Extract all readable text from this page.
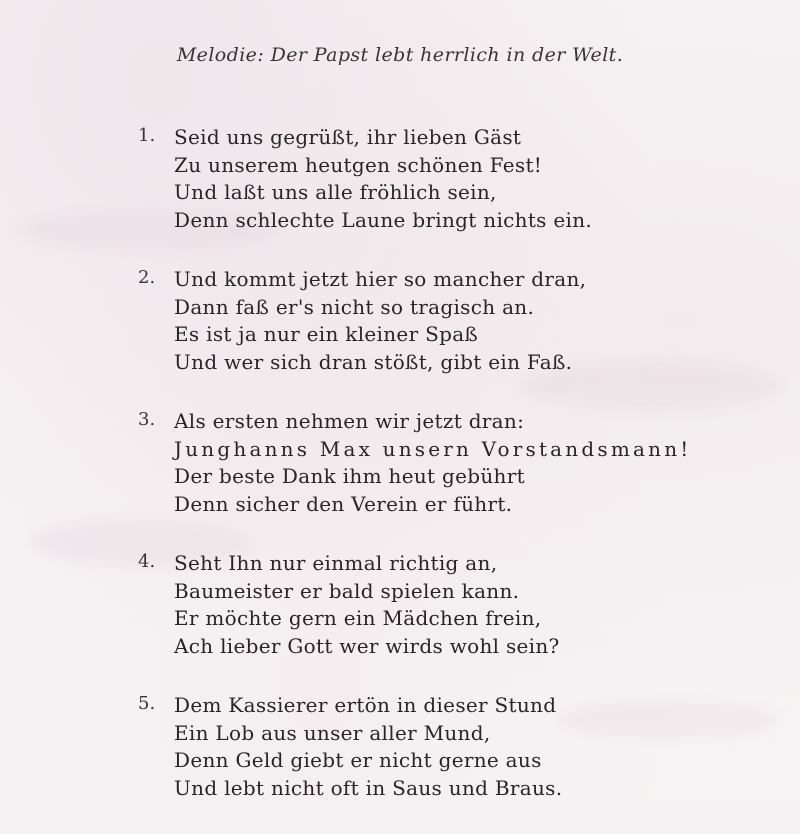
Melodie: Der Papst lebt herrlich in der Welt.
1. Seid uns gegrüßt, ihr lieben Gäst
Zu unserem heutgen schönen Fest!
Und laßt uns alle fröhlich sein,
Denn schlechte Laune bringt nichts ein.
2. Und kommt jetzt hier so mancher dran,
Dann faß er's nicht so tragisch an.
Es ist ja nur ein kleiner Spaß
Und wer sich dran stößt, gibt ein Faß.
3. Als ersten nehmen wir jetzt dran:
Junghanns Max unsern Vorstandsmann!
Der beste Dank ihm heut gebührt
Denn sicher den Verein er führt.
4. Seht Ihn nur einmal richtig an,
Baumeister er bald spielen kann.
Er möchte gern ein Mädchen frein,
Ach lieber Gott wer wirds wohl sein?
5. Dem Kassierer ertön in dieser Stund
Ein Lob aus unser aller Mund,
Denn Geld giebt er nicht gerne aus
Und lebt nicht oft in Saus und Braus.
